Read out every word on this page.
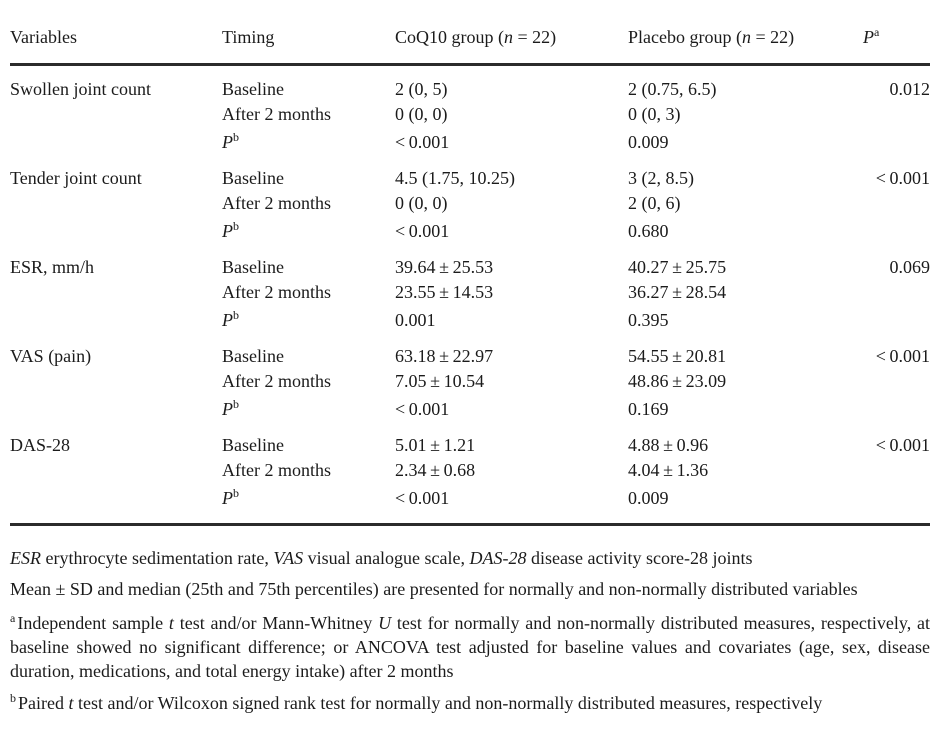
Variables	Timing	CoQ10 group (n = 22)	Placebo group (n = 22)	$P^a$
Swollen joint count	Baseline	2 (0, 5)	2 (0.75, 6.5)	0.012
	After 2 months	0 (0, 0)	0 (0, 3)	
	$P^b$	< 0.001	0.009	
Tender joint count	Baseline	4.5 (1.75, 10.25)	3 (2, 8.5)	< 0.001
	After 2 months	0 (0, 0)	2 (0, 6)	
	$P^b$	< 0.001	0.680	
ESR, mm/h	Baseline	39.64 ± 25.53	40.27 ± 25.75	0.069
	After 2 months	23.55 ± 14.53	36.27 ± 28.54	
	$P^b$	0.001	0.395	
VAS (pain)	Baseline	63.18 ± 22.97	54.55 ± 20.81	< 0.001
	After 2 months	7.05 ± 10.54	48.86 ± 23.09	
	$P^b$	< 0.001	0.169	
DAS-28	Baseline	5.01 ± 1.21	4.88 ± 0.96	< 0.001
	After 2 months	2.34 ± 0.68	4.04 ± 1.36	
	$P^b$	< 0.001	0.009	

ESR erythrocyte sedimentation rate, VAS visual analogue scale, DAS-28 disease activity score-28 joints

Mean ± SD and median (25th and 75th percentiles) are presented for normally and non-normally distributed variables

$^a$ Independent sample t test and/or Mann-Whitney U test for normally and non-normally distributed measures, respectively, at baseline showed no significant difference; or ANCOVA test adjusted for baseline values and covariates (age, sex, disease duration, medications, and total energy intake) after 2 months

$^b$ Paired t test and/or Wilcoxon signed rank test for normally and non-normally distributed measures, respectively
